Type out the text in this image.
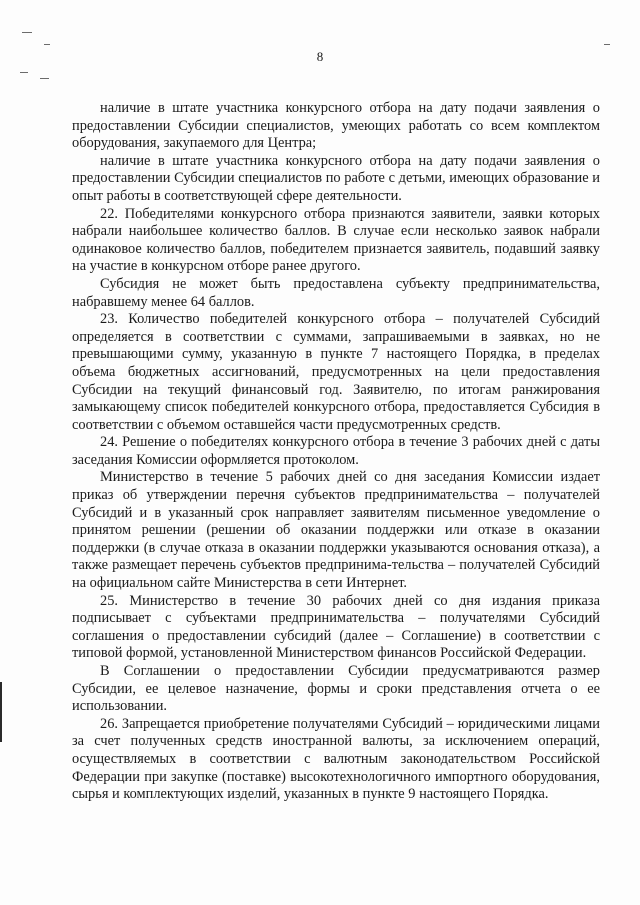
8

наличие в штате участника конкурсного отбора на дату подачи заявления о предоставлении Субсидии специалистов, умеющих работать со всем комплектом оборудования, закупаемого для Центра;

наличие в штате участника конкурсного отбора на дату подачи заявления о предоставлении Субсидии специалистов по работе с детьми, имеющих образование и опыт работы в соответствующей сфере деятельности.

22. Победителями конкурсного отбора признаются заявители, заявки которых набрали наибольшее количество баллов. В случае если несколько заявок набрали одинаковое количество баллов, победителем признается заявитель, подавший заявку на участие в конкурсном отборе ранее другого.

Субсидия не может быть предоставлена субъекту предпринимательства, набравшему менее 64 баллов.

23. Количество победителей конкурсного отбора – получателей Субсидий определяется в соответствии с суммами, запрашиваемыми в заявках, но не превышающими сумму, указанную в пункте 7 настоящего Порядка, в пределах объема бюджетных ассигнований, предусмотренных на цели предоставления Субсидии на текущий финансовый год. Заявителю, по итогам ранжирования замыкающему список победителей конкурсного отбора, предоставляется Субсидия в соответствии с объемом оставшейся части предусмотренных средств.

24. Решение о победителях конкурсного отбора в течение 3 рабочих дней с даты заседания Комиссии оформляется протоколом.

Министерство в течение 5 рабочих дней со дня заседания Комиссии издает приказ об утверждении перечня субъектов предпринимательства – получателей Субсидий и в указанный срок направляет заявителям письменное уведомление о принятом решении (решении об оказании поддержки или отказе в оказании поддержки (в случае отказа в оказании поддержки указываются основания отказа), а также размещает перечень субъектов предпринима-тельства – получателей Субсидий на официальном сайте Министерства в сети Интернет.

25. Министерство в течение 30 рабочих дней со дня издания приказа подписывает с субъектами предпринимательства – получателями Субсидий соглашения о предоставлении субсидий (далее – Соглашение) в соответствии с типовой формой, установленной Министерством финансов Российской Федерации.

В Соглашении о предоставлении Субсидии предусматриваются размер Субсидии, ее целевое назначение, формы и сроки представления отчета о ее использовании.

26. Запрещается приобретение получателями Субсидий – юридическими лицами за счет полученных средств иностранной валюты, за исключением операций, осуществляемых в соответствии с валютным законодательством Российской Федерации при закупке (поставке) высокотехнологичного импортного оборудования, сырья и комплектующих изделий, указанных в пункте 9 настоящего Порядка.
